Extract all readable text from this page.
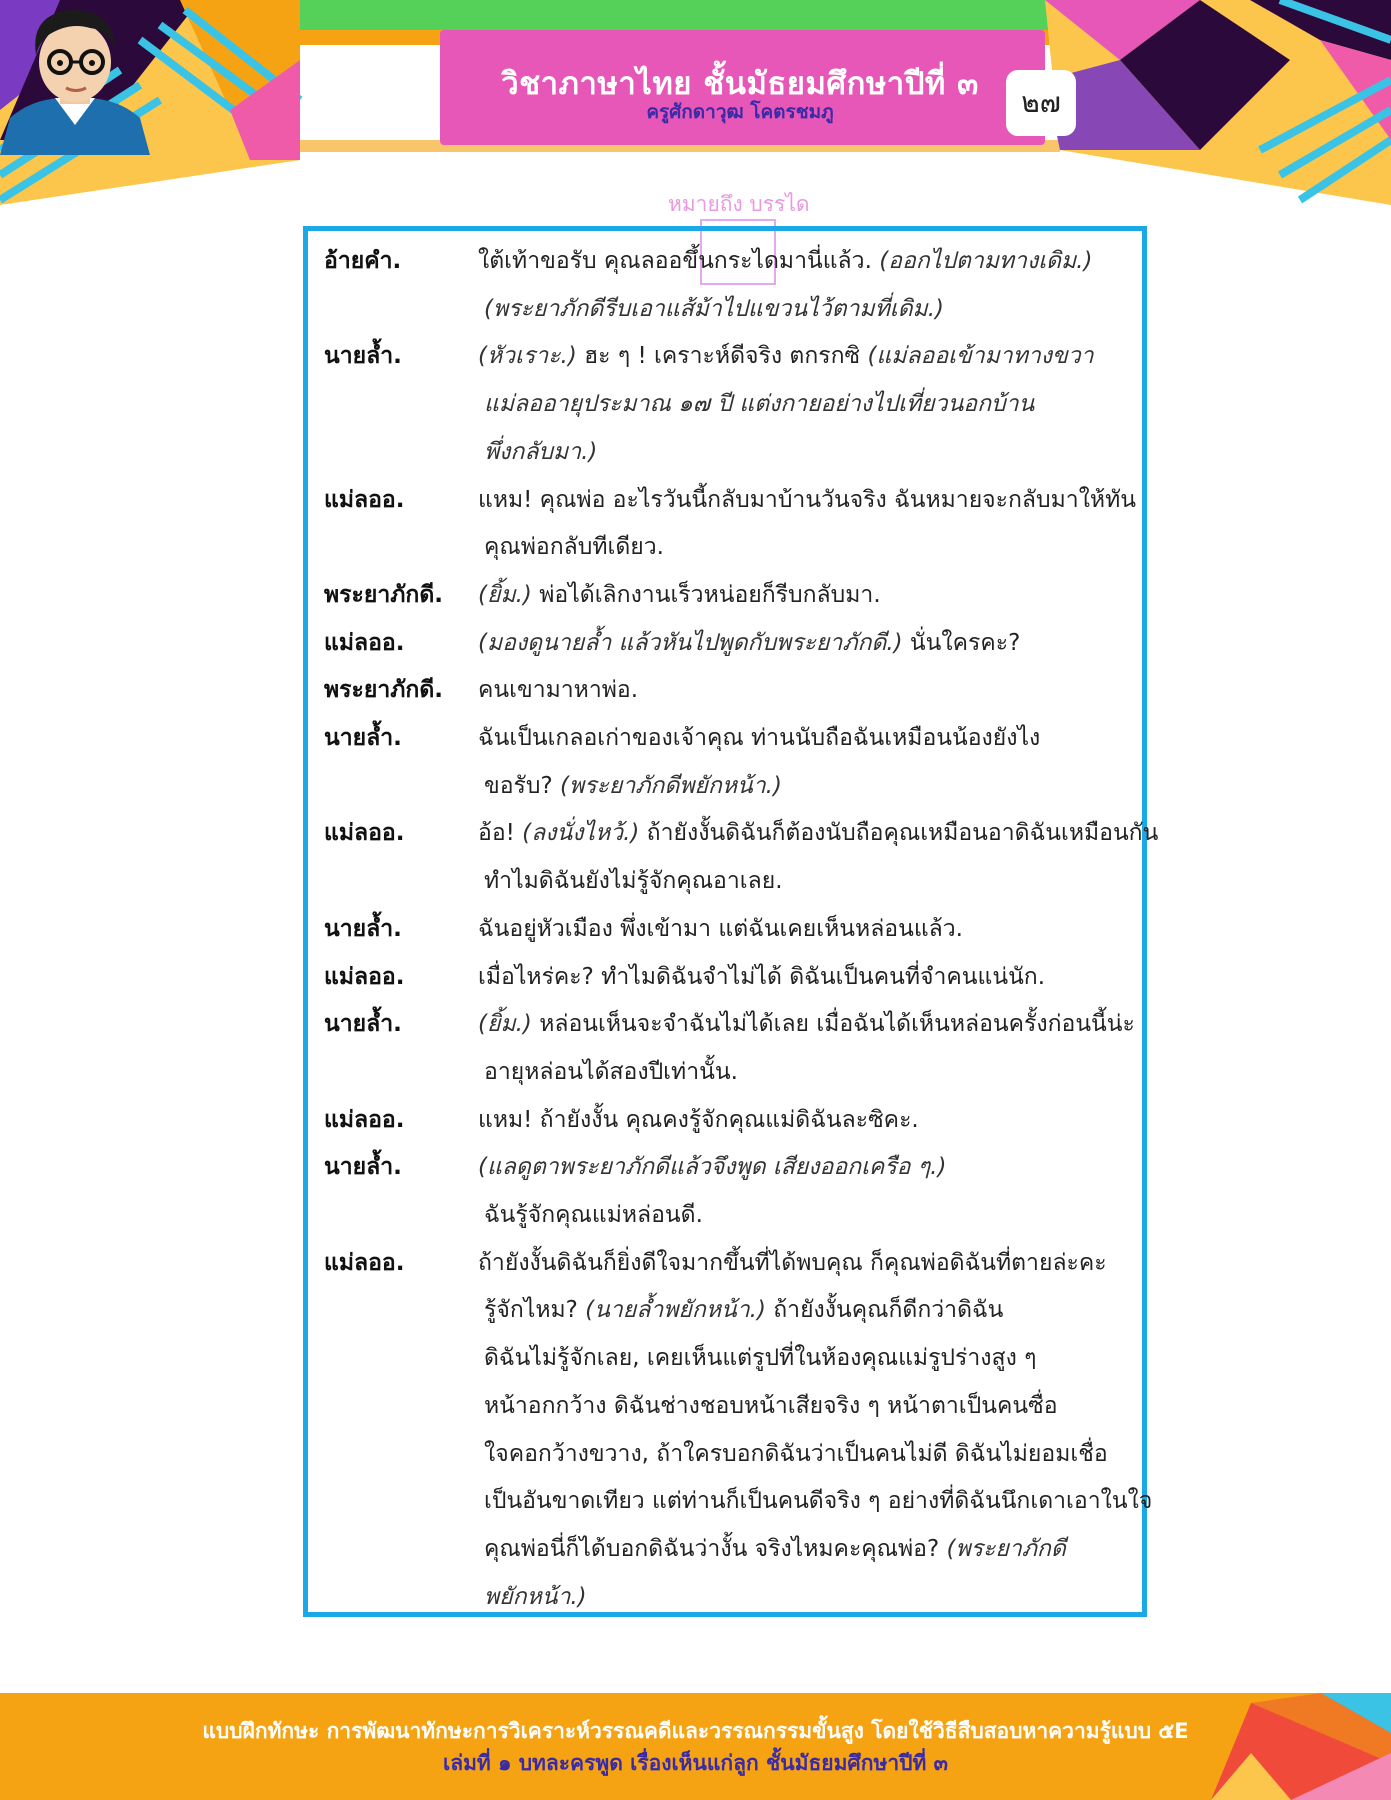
วิชาภาษาไทย ชั้นมัธยมศึกษาปีที่ ๓
ครูศักดาวุฒ โคตรชมภู	๒๗
หมายถึง บรรได
อ้ายคำ.	ใต้เท้าขอรับ คุณลออขึ้นกระไดมานี่แล้ว. (ออกไปตามทางเดิม.)
(พระยาภักดีรีบเอาแส้ม้าไปแขวนไว้ตามที่เดิม.)
นายล้ำ.	(หัวเราะ.) ฮะ ๆ ! เคราะห์ดีจริง ตกรกซิ (แม่ลออเข้ามาทางขวา
แม่ลออายุประมาณ ๑๗ ปี แต่งกายอย่างไปเที่ยวนอกบ้าน
พึ่งกลับมา.)
แม่ลออ.	แหม! คุณพ่อ อะไรวันนี้กลับมาบ้านวันจริง ฉันหมายจะกลับมาให้ทัน
คุณพ่อกลับทีเดียว.
พระยาภักดี. (ยิ้ม.) พ่อได้เลิกงานเร็วหน่อยก็รีบกลับมา.
แม่ลออ.	(มองดูนายล้ำ แล้วหันไปพูดกับพระยาภักดี.) นั่นใครคะ?
พระยาภักดี. คนเขามาหาพ่อ.
นายล้ำ.	ฉันเป็นเกลอเก่าของเจ้าคุณ ท่านนับถือฉันเหมือนน้องยังไง
ขอรับ? (พระยาภักดีพยักหน้า.)
แม่ลออ.	อ้อ! (ลงนั่งไหว้.) ถ้ายังงั้นดิฉันก็ต้องนับถือคุณเหมือนอาดิฉันเหมือนกัน
ทำไมดิฉันยังไม่รู้จักคุณอาเลย.
นายล้ำ.	ฉันอยู่หัวเมือง พึ่งเข้ามา แต่ฉันเคยเห็นหล่อนแล้ว.
แม่ลออ.	เมื่อไหร่คะ? ทำไมดิฉันจำไม่ได้ ดิฉันเป็นคนที่จำคนแน่นัก.
นายล้ำ.	(ยิ้ม.) หล่อนเห็นจะจำฉันไม่ได้เลย เมื่อฉันได้เห็นหล่อนครั้งก่อนนี้น่ะ
อายุหล่อนได้สองปีเท่านั้น.
แม่ลออ.	แหม! ถ้ายังงั้น คุณคงรู้จักคุณแม่ดิฉันละซิคะ.
นายล้ำ.	(แลดูตาพระยาภักดีแล้วจึงพูด เสียงออกเครือ ๆ.)
ฉันรู้จักคุณแม่หล่อนดี.
แม่ลออ.	ถ้ายังงั้นดิฉันก็ยิ่งดีใจมากขึ้นที่ได้พบคุณ ก็คุณพ่อดิฉันที่ตายล่ะคะ
รู้จักไหม? (นายล้ำพยักหน้า.) ถ้ายังงั้นคุณก็ดีกว่าดิฉัน
ดิฉันไม่รู้จักเลย, เคยเห็นแต่รูปที่ในห้องคุณแม่รูปร่างสูง ๆ
หน้าอกกว้าง ดิฉันช่างชอบหน้าเสียจริง ๆ หน้าตาเป็นคนซื่อ
ใจคอกว้างขวาง, ถ้าใครบอกดิฉันว่าเป็นคนไม่ดี ดิฉันไม่ยอมเชื่อ
เป็นอันขาดเทียว แต่ท่านก็เป็นคนดีจริง ๆ อย่างที่ดิฉันนึกเดาเอาในใจ
คุณพ่อนี่ก็ได้บอกดิฉันว่างั้น จริงไหมคะคุณพ่อ? (พระยาภักดี
พยักหน้า.)
แบบฝึกทักษะ การพัฒนาทักษะการวิเคราะห์วรรณคดีและวรรณกรรมขั้นสูง โดยใช้วิธีสืบสอบหาความรู้แบบ ๕E
เล่มที่ ๑ บทละครพูด เรื่องเห็นแก่ลูก ชั้นมัธยมศึกษาปีที่ ๓
